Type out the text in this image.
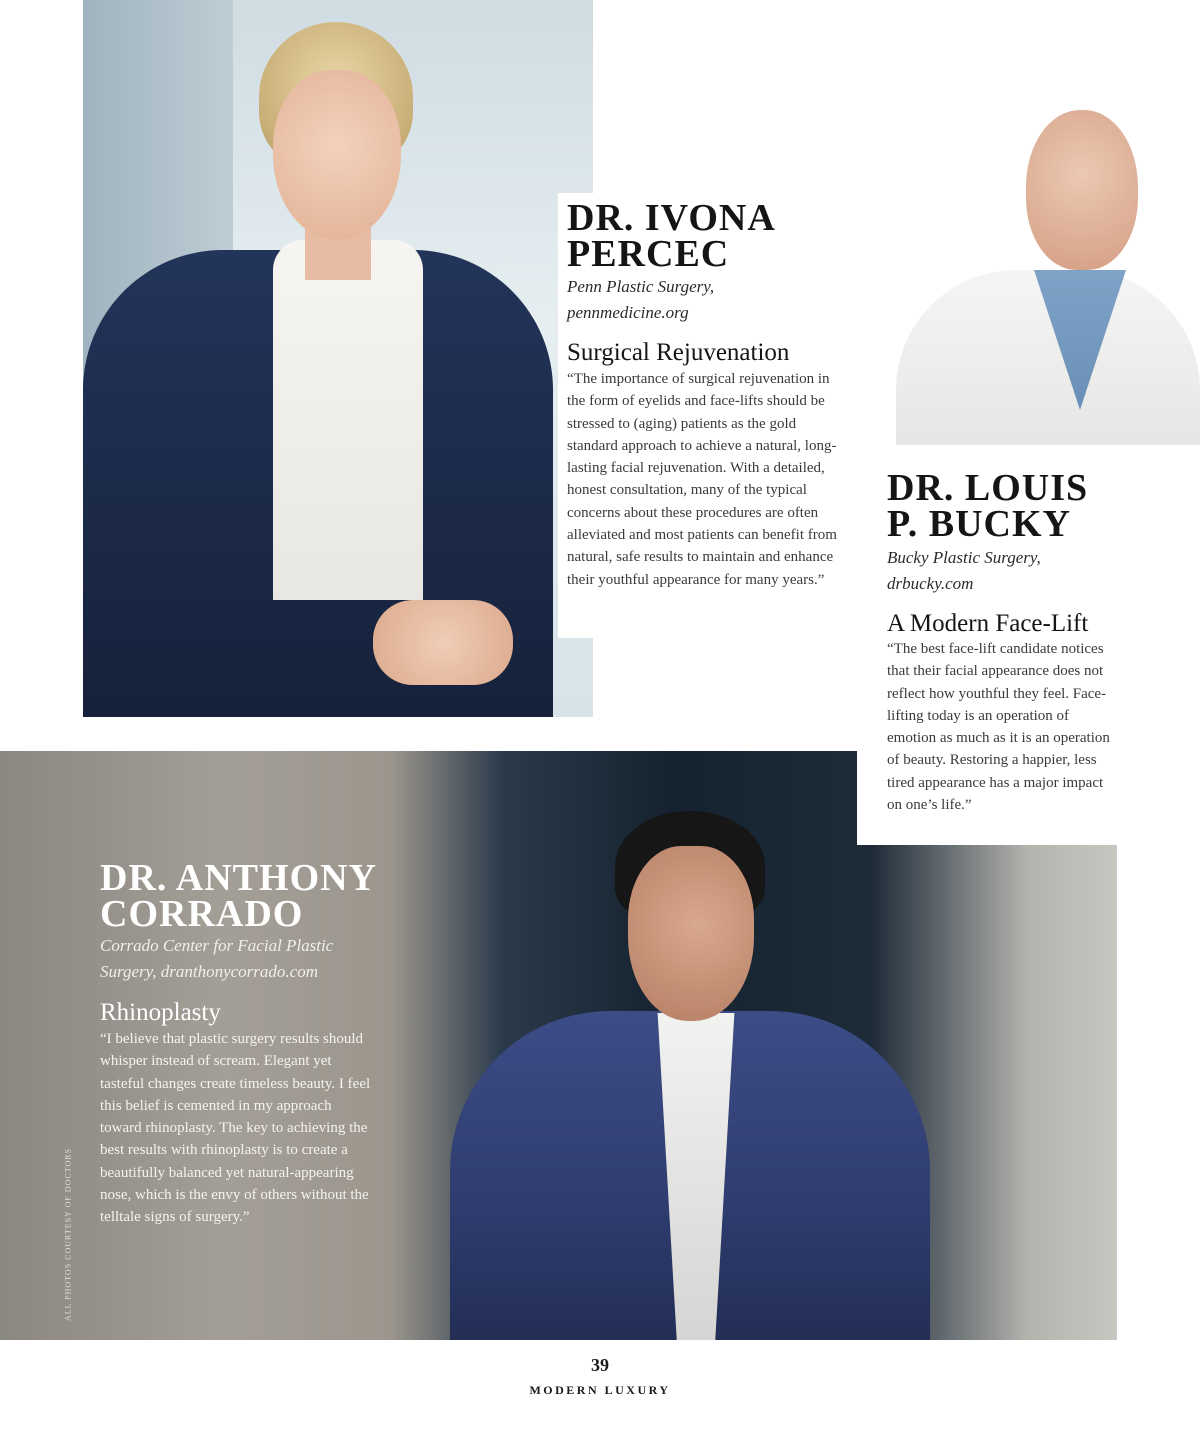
DR. IVONA
PERCEC
Penn Plastic Surgery,
pennmedicine.org
Surgical Rejuvenation
“The importance of surgical rejuvenation in the form of eyelids and face-lifts should be stressed to (aging) patients as the gold standard approach to achieve a natural, long-lasting facial rejuvenation. With a detailed, honest consultation, many of the typical concerns about these procedures are often alleviated and most patients can benefit from natural, safe results to maintain and enhance their youthful appearance for many years.”
DR. LOUIS
P. BUCKY
Bucky Plastic Surgery,
drbucky.com
A Modern Face-Lift
“The best face-lift candidate notices that their facial appearance does not reflect how youthful they feel. Face-lifting today is an operation of emotion as much as it is an operation of beauty. Restoring a happier, less tired appearance has a major impact on one’s life.”
DR. ANTHONY
CORRADO
Corrado Center for Facial Plastic
Surgery, dranthonycorrado.com
Rhinoplasty
“I believe that plastic surgery results should whisper instead of scream. Elegant yet tasteful changes create timeless beauty. I feel this belief is cemented in my approach toward rhinoplasty. The key to achieving the best results with rhinoplasty is to create a beautifully balanced yet natural-appearing nose, which is the envy of others without the telltale signs of surgery.”
ALL PHOTOS COURTESY OF DOCTORS
39
MODERN LUXURY
